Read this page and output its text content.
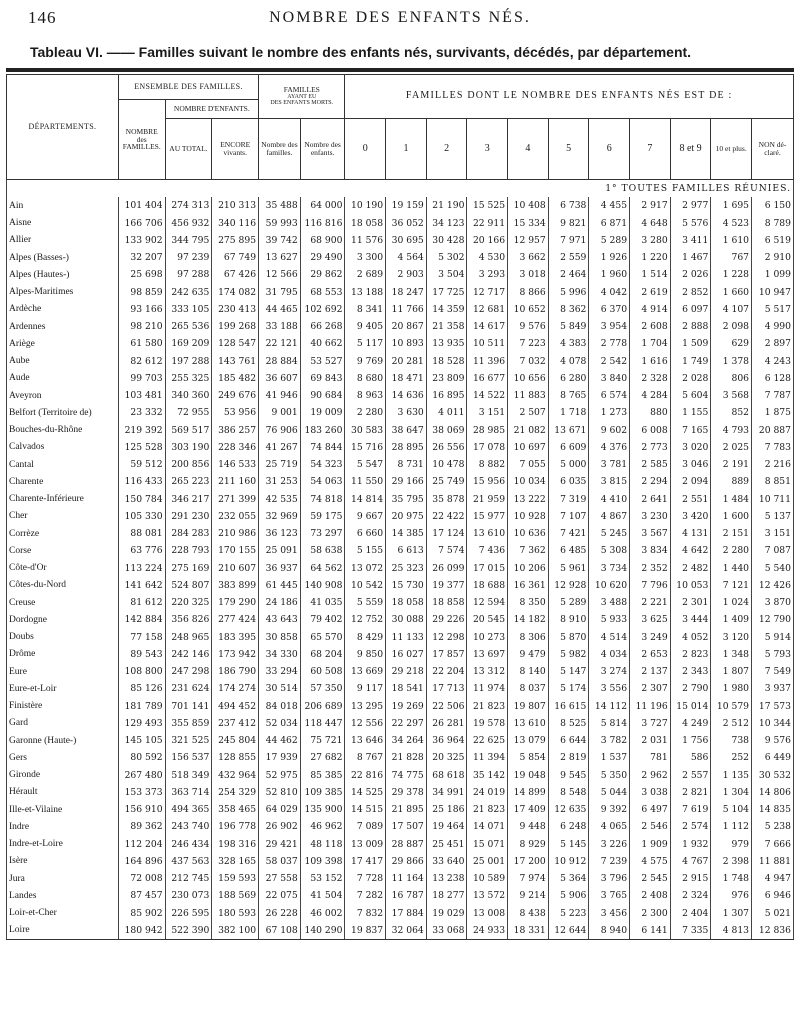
146	NOMBRE DES ENFANTS NÉS.
Tableau VI. —— Familles suivant le nombre des enfants nés, survivants, décédés, par département.
DÉPARTEMENTS.	ENSEMBLE DES FAMILLES.			FAMILLES
AYANT EU
DES ENFANTS MORTS.		FAMILLES DONT LE NOMBRE DES ENFANTS NÉS EST DE :										
	NOMBRE des FAMILLES.	NOMBRE D'ENFANTS.														
		AU TOTAL.	ENCORE vivants.	Nombre des familles.	Nombre des enfants.	0	1	2	3	4	5	6	7	8 et 9	10 et plus.	NON dé- claré.
1° TOUTES FAMILLES RÉUNIES.																
Ain	101 404	274 313	210 313	35 488	64 000	10 190	19 159	21 190	15 525	10 408	6 738	4 455	2 917	2 977	1 695	6 150
Aisne	166 706	456 932	340 116	59 993	116 816	18 058	36 052	34 123	22 911	15 334	9 821	6 871	4 648	5 576	4 523	8 789
Allier	133 902	344 795	275 895	39 742	68 900	11 576	30 695	30 428	20 166	12 957	7 971	5 289	3 280	3 411	1 610	6 519
Alpes (Basses-)	32 207	97 239	67 749	13 627	29 490	3 300	4 564	5 302	4 530	3 662	2 559	1 926	1 220	1 467	767	2 910
Alpes (Hautes-)	25 698	97 288	67 426	12 566	29 862	2 689	2 903	3 504	3 293	3 018	2 464	1 960	1 514	2 026	1 228	1 099
Alpes-Maritimes	98 859	242 635	174 082	31 795	68 553	13 188	18 247	17 725	12 717	8 866	5 996	4 042	2 619	2 852	1 660	10 947
Ardèche	93 166	333 105	230 413	44 465	102 692	8 341	11 766	14 359	12 681	10 652	8 362	6 370	4 914	6 097	4 107	5 517
Ardennes	98 210	265 536	199 268	33 188	66 268	9 405	20 867	21 358	14 617	9 576	5 849	3 954	2 608	2 888	2 098	4 990
Ariège	61 580	169 209	128 547	22 121	40 662	5 117	10 893	13 935	10 511	7 223	4 383	2 778	1 704	1 509	629	2 897
Aube	82 612	197 288	143 761	28 884	53 527	9 769	20 281	18 528	11 396	7 032	4 078	2 542	1 616	1 749	1 378	4 243
Aude	99 703	255 325	185 482	36 607	69 843	8 680	18 471	23 809	16 677	10 656	6 280	3 840	2 328	2 028	806	6 128
Aveyron	103 481	340 360	249 676	41 946	90 684	8 963	14 636	16 895	14 522	11 883	8 765	6 574	4 284	5 604	3 568	7 787
Belfort (Territoire de)	23 332	72 955	53 956	9 001	19 009	2 280	3 630	4 011	3 151	2 507	1 718	1 273	880	1 155	852	1 875
Bouches-du-Rhône	219 392	569 517	386 257	76 906	183 260	30 583	38 647	38 069	28 985	21 082	13 671	9 602	6 008	7 165	4 793	20 887
Calvados	125 528	303 190	228 346	41 267	74 844	15 716	28 895	26 556	17 078	10 697	6 609	4 376	2 773	3 020	2 025	7 783
Cantal	59 512	200 856	146 533	25 719	54 323	5 547	8 731	10 478	8 882	7 055	5 000	3 781	2 585	3 046	2 191	2 216
Charente	116 433	265 223	211 160	31 253	54 063	11 550	29 166	25 749	15 956	10 034	6 035	3 815	2 294	2 094	889	8 851
Charente-Inférieure	150 784	346 217	271 399	42 535	74 818	14 814	35 795	35 878	21 959	13 222	7 319	4 410	2 641	2 551	1 484	10 711
Cher	105 330	291 230	232 055	32 969	59 175	9 667	20 975	22 422	15 977	10 928	7 107	4 867	3 230	3 420	1 600	5 137
Corrèze	88 081	284 283	210 986	36 123	73 297	6 660	14 385	17 124	13 610	10 636	7 421	5 245	3 567	4 131	2 151	3 151
Corse	63 776	228 793	170 155	25 091	58 638	5 155	6 613	7 574	7 436	7 362	6 485	5 308	3 834	4 642	2 280	7 087
Côte-d'Or	113 224	275 169	210 607	36 937	64 562	13 072	25 323	26 099	17 015	10 206	5 961	3 734	2 352	2 482	1 440	5 540
Côtes-du-Nord	141 642	524 807	383 899	61 445	140 908	10 542	15 730	19 377	18 688	16 361	12 928	10 620	7 796	10 053	7 121	12 426
Creuse	81 612	220 325	179 290	24 186	41 035	5 559	18 058	18 858	12 594	8 350	5 289	3 488	2 221	2 301	1 024	3 870
Dordogne	142 884	356 826	277 424	43 643	79 402	12 752	30 088	29 226	20 545	14 182	8 910	5 933	3 625	3 444	1 409	12 790
Doubs	77 158	248 965	183 395	30 858	65 570	8 429	11 133	12 298	10 273	8 306	5 870	4 514	3 249	4 052	3 120	5 914
Drôme	89 543	242 146	173 942	34 330	68 204	9 850	16 027	17 857	13 697	9 479	5 982	4 034	2 653	2 823	1 348	5 793
Eure	108 800	247 298	186 790	33 294	60 508	13 669	29 218	22 204	13 312	8 140	5 147	3 274	2 137	2 343	1 807	7 549
Eure-et-Loir	85 126	231 624	174 274	30 514	57 350	9 117	18 541	17 713	11 974	8 037	5 174	3 556	2 307	2 790	1 980	3 937
Finistère	181 789	701 141	494 452	84 018	206 689	13 295	19 269	22 506	21 823	19 807	16 615	14 112	11 196	15 014	10 579	17 573
Gard	129 493	355 859	237 412	52 034	118 447	12 556	22 297	26 281	19 578	13 610	8 525	5 814	3 727	4 249	2 512	10 344
Garonne (Haute-)	145 105	321 525	245 804	44 462	75 721	13 646	34 264	36 964	22 625	13 079	6 644	3 782	2 031	1 756	738	9 576
Gers	80 592	156 537	128 855	17 939	27 682	8 767	21 828	20 325	11 394	5 854	2 819	1 537	781	586	252	6 449
Gironde	267 480	518 349	432 964	52 975	85 385	22 816	74 775	68 618	35 142	19 048	9 545	5 350	2 962	2 557	1 135	30 532
Hérault	153 373	363 714	254 329	52 810	109 385	14 525	29 378	34 991	24 019	14 899	8 548	5 044	3 038	2 821	1 304	14 806
Ille-et-Vilaine	156 910	494 365	358 465	64 029	135 900	14 515	21 895	25 186	21 823	17 409	12 635	9 392	6 497	7 619	5 104	14 835
Indre	89 362	243 740	196 778	26 902	46 962	7 089	17 507	19 464	14 071	9 448	6 248	4 065	2 546	2 574	1 112	5 238
Indre-et-Loire	112 204	246 434	198 316	29 421	48 118	13 009	28 887	25 451	15 071	8 929	5 145	3 226	1 909	1 932	979	7 666
Isère	164 896	437 563	328 165	58 037	109 398	17 417	29 866	33 640	25 001	17 200	10 912	7 239	4 575	4 767	2 398	11 881
Jura	72 008	212 745	159 593	27 558	53 152	7 728	11 164	13 238	10 589	7 974	5 364	3 796	2 545	2 915	1 748	4 947
Landes	87 457	230 073	188 569	22 075	41 504	7 282	16 787	18 277	13 572	9 214	5 906	3 765	2 408	2 324	976	6 946
Loir-et-Cher	85 902	226 595	180 593	26 228	46 002	7 832	17 884	19 029	13 008	8 438	5 223	3 456	2 300	2 404	1 307	5 021
Loire	180 942	522 390	382 100	67 108	140 290	19 837	32 064	33 068	24 933	18 331	12 644	8 940	6 141	7 335	4 813	12 836
